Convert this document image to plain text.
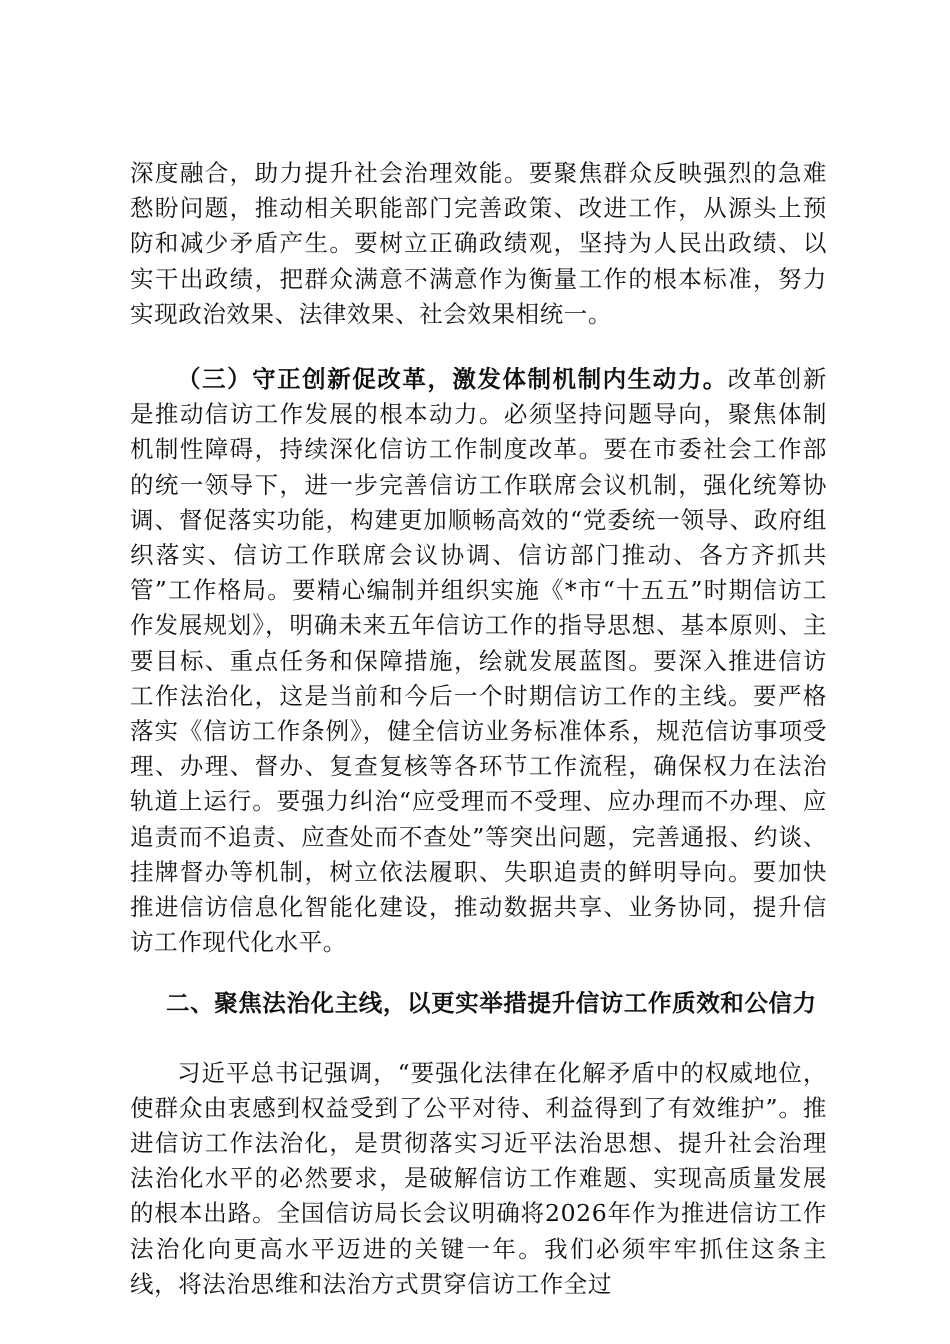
深度融合，助力提升社会治理效能。要聚焦群众反映强烈的急难愁盼问题，推动相关职能部门完善政策、改进工作，从源头上预防和减少矛盾产生。要树立正确政绩观，坚持为人民出政绩、以实干出政绩，把群众满意不满意作为衡量工作的根本标准，努力实现政治效果、法律效果、社会效果相统一。

（三）守正创新促改革，激发体制机制内生动力。改革创新是推动信访工作发展的根本动力。必须坚持问题导向，聚焦体制机制性障碍，持续深化信访工作制度改革。要在市委社会工作部的统一领导下，进一步完善信访工作联席会议机制，强化统筹协调、督促落实功能，构建更加顺畅高效的“党委统一领导、政府组织落实、信访工作联席会议协调、信访部门推动、各方齐抓共管”工作格局。要精心编制并组织实施《*市“十五五”时期信访工作发展规划》，明确未来五年信访工作的指导思想、基本原则、主要目标、重点任务和保障措施，绘就发展蓝图。要深入推进信访工作法治化，这是当前和今后一个时期信访工作的主线。要严格落实《信访工作条例》，健全信访业务标准体系，规范信访事项受理、办理、督办、复查复核等各环节工作流程，确保权力在法治轨道上运行。要强力纠治“应受理而不受理、应办理而不办理、应追责而不追责、应查处而不查处”等突出问题，完善通报、约谈、挂牌督办等机制，树立依法履职、失职追责的鲜明导向。要加快推进信访信息化智能化建设，推动数据共享、业务协同，提升信访工作现代化水平。

二、聚焦法治化主线，以更实举措提升信访工作质效和公信力

习近平总书记强调，“要强化法律在化解矛盾中的权威地位，使群众由衷感到权益受到了公平对待、利益得到了有效维护”。推进信访工作法治化，是贯彻落实习近平法治思想、提升社会治理法治化水平的必然要求，是破解信访工作难题、实现高质量发展的根本出路。全国信访局长会议明确将2026年作为推进信访工作法治化向更高水平迈进的关键一年。我们必须牢牢抓住这条主线，将法治思维和法治方式贯穿信访工作全过
